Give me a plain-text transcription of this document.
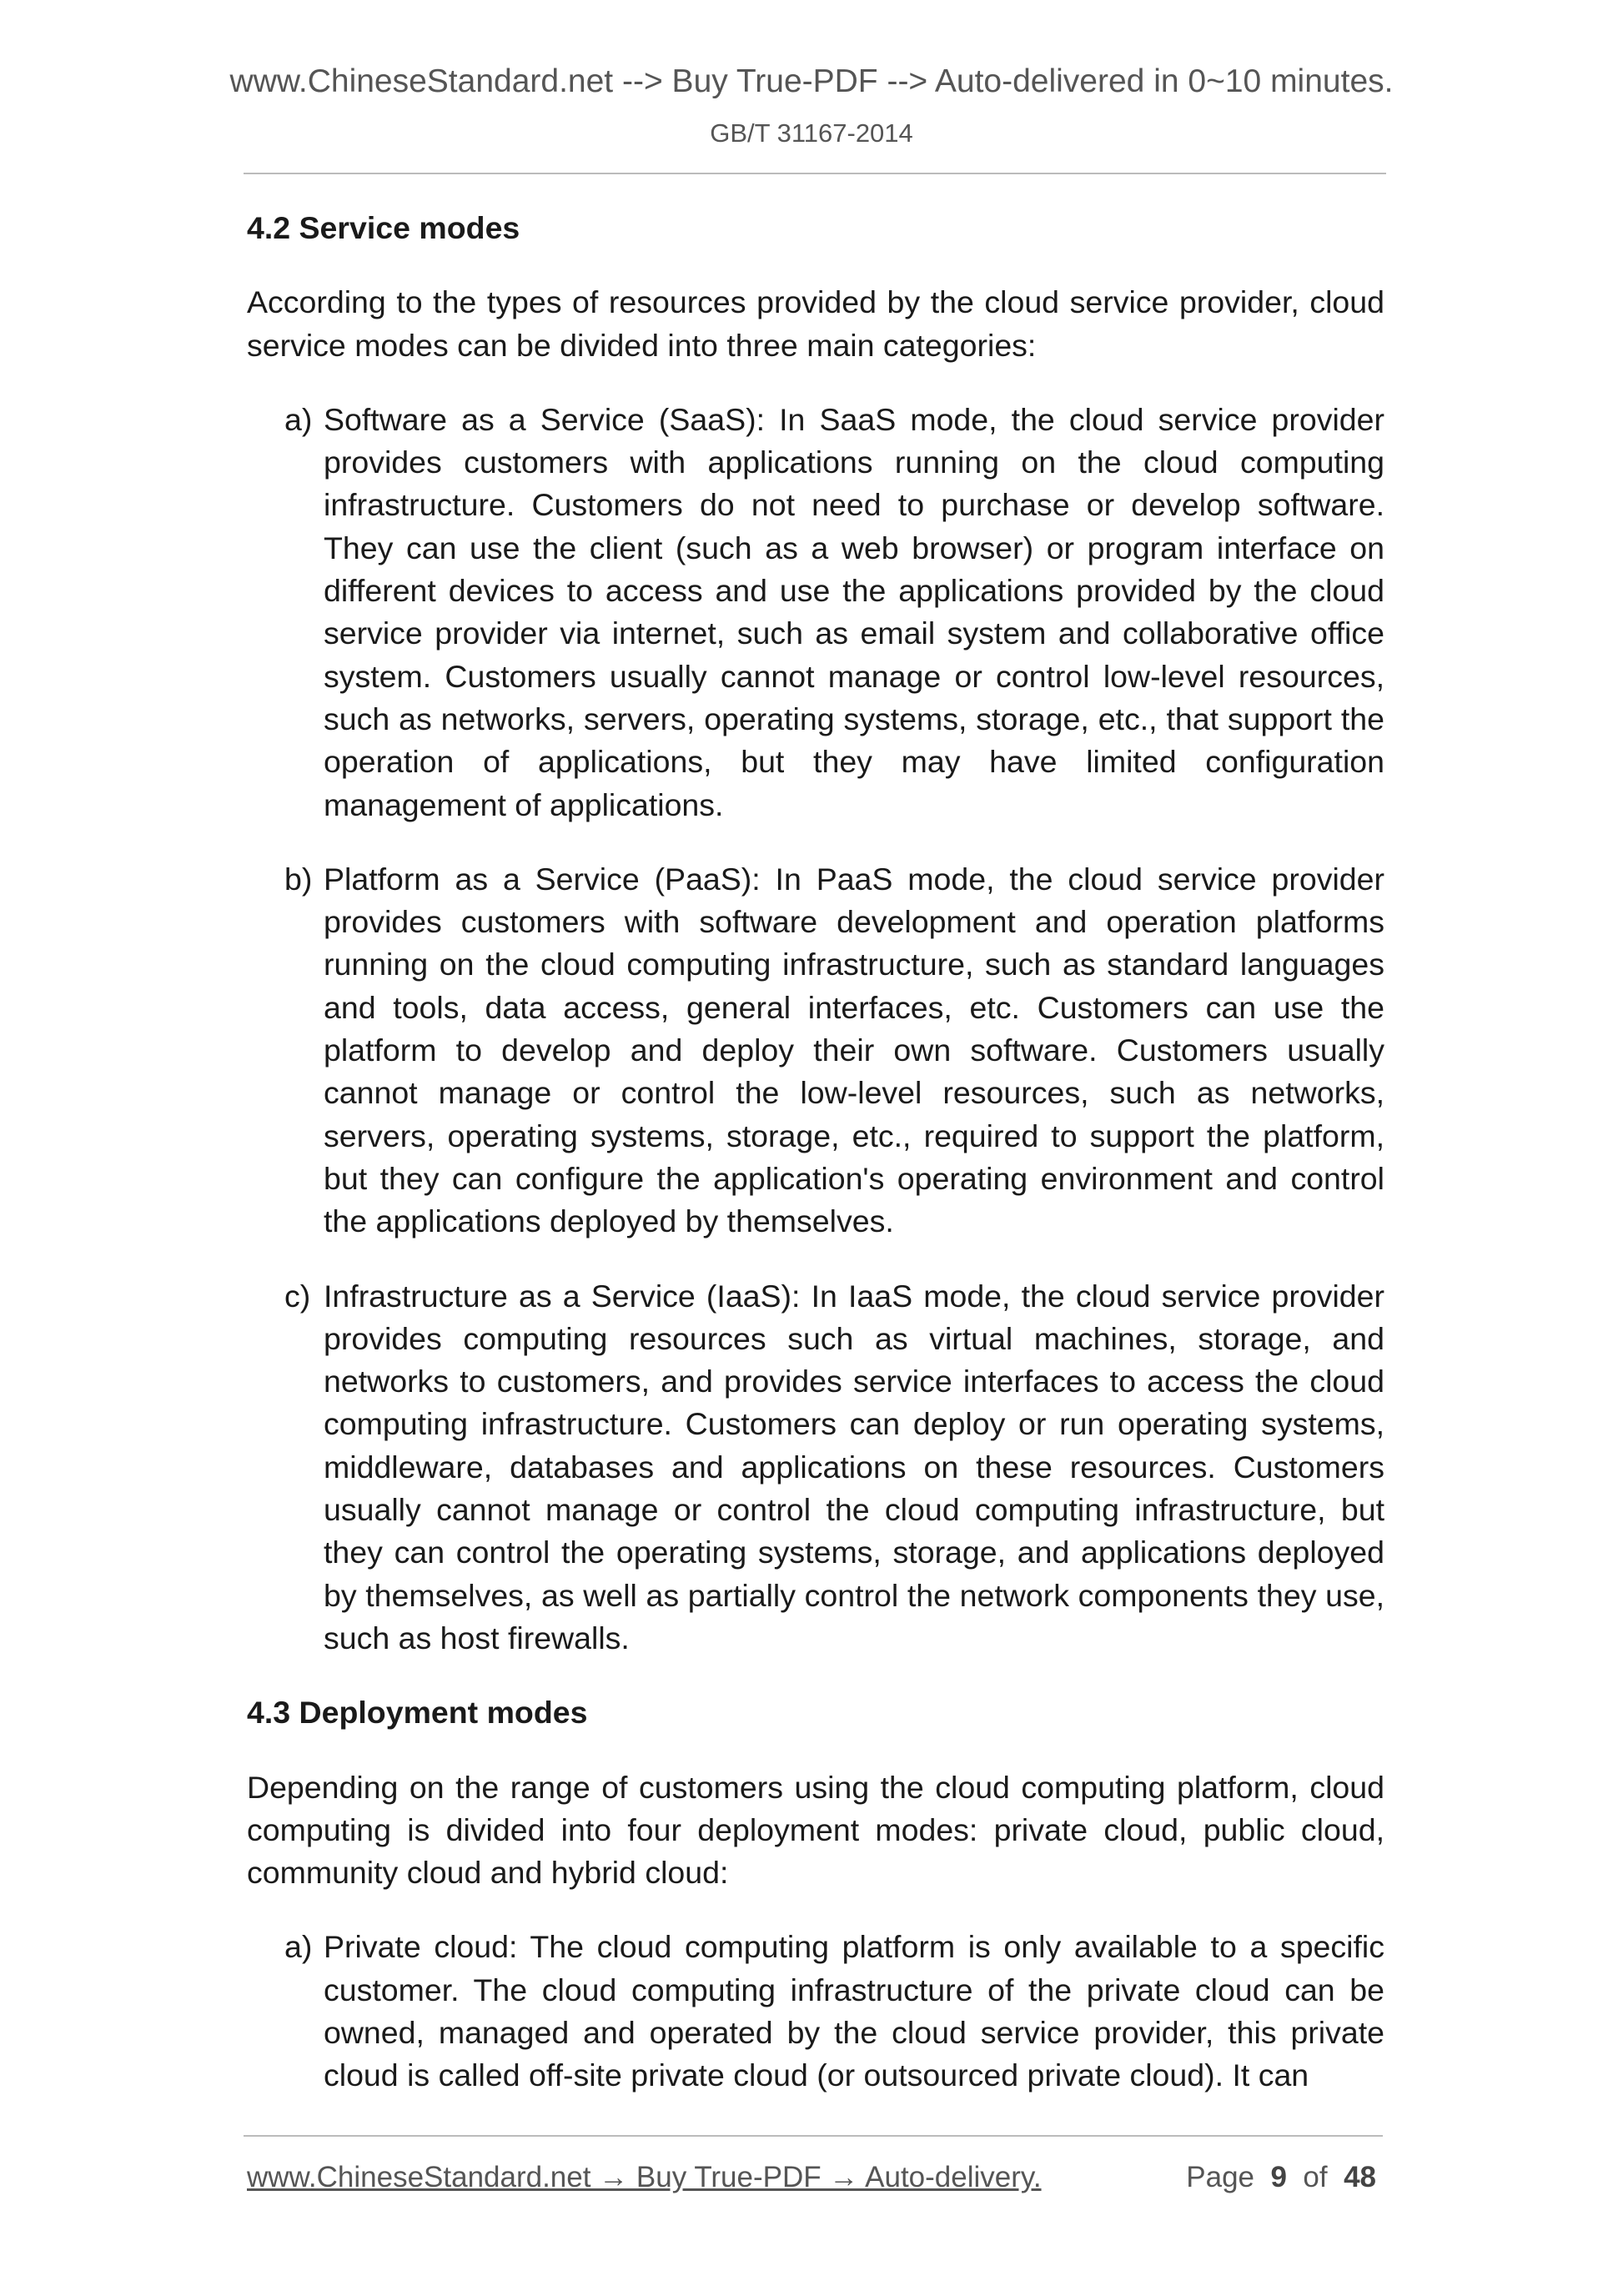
www.ChineseStandard.net --> Buy True-PDF --> Auto-delivered in 0~10 minutes.
GB/T 31167-2014
4.2 Service modes

According to the types of resources provided by the cloud service provider, cloud service modes can be divided into three main categories:

a) Software as a Service (SaaS): In SaaS mode, the cloud service provider provides customers with applications running on the cloud computing infrastructure. Customers do not need to purchase or develop software. They can use the client (such as a web browser) or program interface on different devices to access and use the applications provided by the cloud service provider via internet, such as email system and collaborative office system. Customers usually cannot manage or control low-level resources, such as networks, servers, operating systems, storage, etc., that support the operation of applications, but they may have limited configuration management of applications.
b) Platform as a Service (PaaS): In PaaS mode, the cloud service provider provides customers with software development and operation platforms running on the cloud computing infrastructure, such as standard languages and tools, data access, general interfaces, etc. Customers can use the platform to develop and deploy their own software. Customers usually cannot manage or control the low-level resources, such as networks, servers, operating systems, storage, etc., required to support the platform, but they can configure the application's operating environment and control the applications deployed by themselves.
c) Infrastructure as a Service (IaaS): In IaaS mode, the cloud service provider provides computing resources such as virtual machines, storage, and networks to customers, and provides service interfaces to access the cloud computing infrastructure. Customers can deploy or run operating systems, middleware, databases and applications on these resources. Customers usually cannot manage or control the cloud computing infrastructure, but they can control the operating systems, storage, and applications deployed by themselves, as well as partially control the network components they use, such as host firewalls.
4.3 Deployment modes

Depending on the range of customers using the cloud computing platform, cloud computing is divided into four deployment modes: private cloud, public cloud, community cloud and hybrid cloud:

a) Private cloud: The cloud computing platform is only available to a specific customer. The cloud computing infrastructure of the private cloud can be owned, managed and operated by the cloud service provider, this private cloud is called off-site private cloud (or outsourced private cloud). It can
www.ChineseStandard.net → Buy True-PDF → Auto-delivery.	Page 9 of 48
